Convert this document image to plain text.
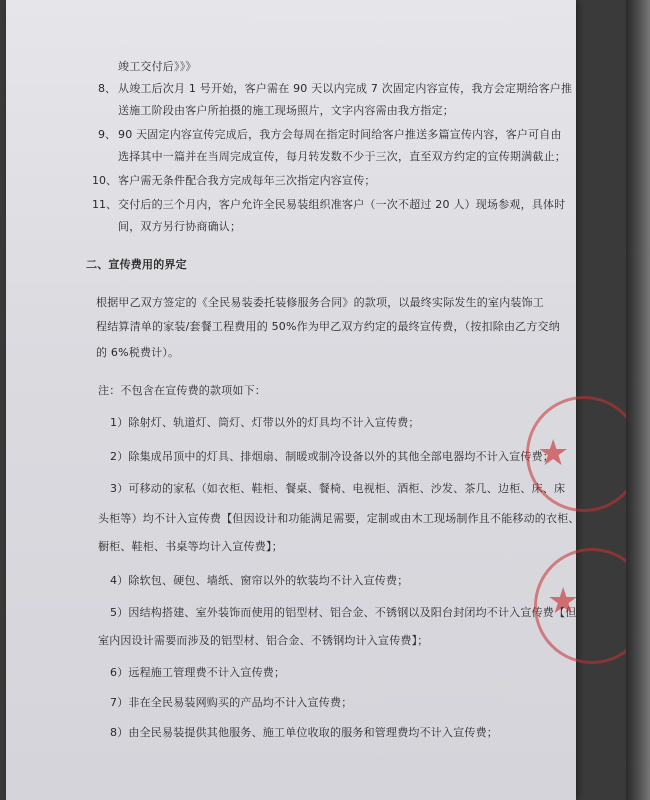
竣工交付后》》》
8、 从竣工后次月 1 号开始，客户需在 90 天以内完成 7 次固定内容宣传，我方会定期给客户推
送施工阶段由客户所拍摄的施工现场照片，文字内容需由我方指定；
9、 90 天固定内容宣传完成后，我方会每周在指定时间给客户推送多篇宣传内容，客户可自由
选择其中一篇并在当周完成宣传，每月转发数不少于三次，直至双方约定的宣传期满截止；
10、 客户需无条件配合我方完成每年三次指定内容宣传；
11、 交付后的三个月内，客户允许全民易装组织准客户（一次不超过 20 人）现场参观，具体时
间，双方另行协商确认；
二、宣传费用的界定
根据甲乙双方签定的《全民易装委托装修服务合同》的款项，以最终实际发生的室内装饰工
程结算清单的家装/套餐工程费用的 50%作为甲乙双方约定的最终宣传费，（按扣除由乙方交纳
的 6%税费计）。
注：不包含在宣传费的款项如下：
1）除射灯、轨道灯、筒灯、灯带以外的灯具均不计入宣传费；
2）除集成吊顶中的灯具、排烟扇、制暖或制冷设备以外的其他全部电器均不计入宣传费；
3）可移动的家私（如衣柜、鞋柜、餐桌、餐椅、电视柜、酒柜、沙发、茶几、边柜、床、床
头柜等）均不计入宣传费【但因设计和功能满足需要，定制或由木工现场制作且不能移动的衣柜、
橱柜、鞋柜、书桌等均计入宣传费】；
4）除软包、硬包、墙纸、窗帘以外的软装均不计入宣传费；
5）因结构搭建、室外装饰而使用的铝型材、铝合金、不锈钢以及阳台封闭均不计入宣传费【但
室内因设计需要而涉及的铝型材、铝合金、不锈钢均计入宣传费】；
6）远程施工管理费不计入宣传费；
7）非在全民易装网购买的产品均不计入宣传费；
8）由全民易装提供其他服务、施工单位收取的服务和管理费均不计入宣传费；
★
★
